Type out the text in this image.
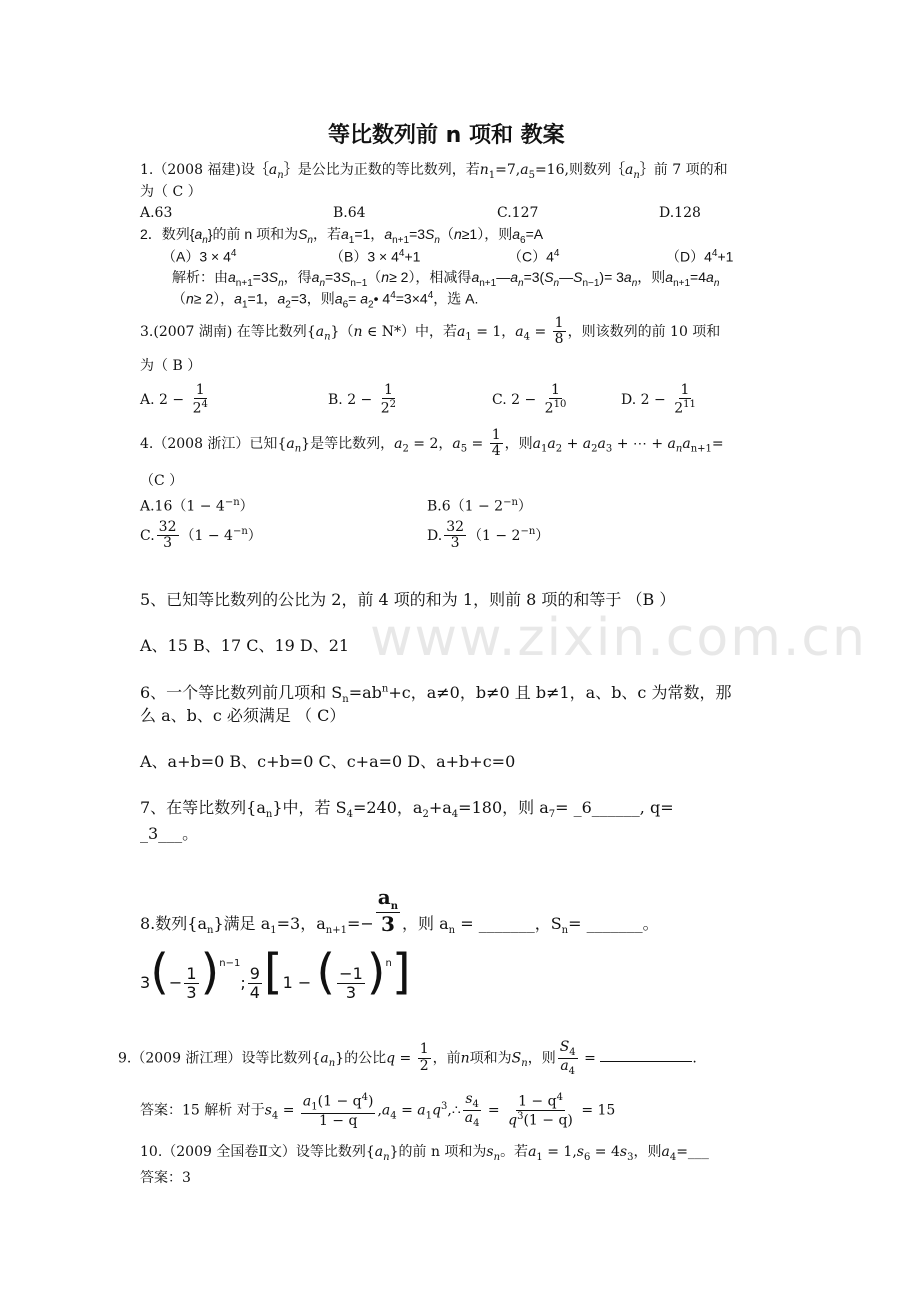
www.zixin.com.cn
等比数列前 n 项和 教案
1.（2008 福建)设$\{a_n\}$是公比为正数的等比数列，若$n_1=7,a_5=16$,则数列$\{a_n\}$前 7 项的和
为（ C ）
A.63	B.64	C.127	D.128
2．数列$\{a_n\}$的前 n 项和为$S_n$，若$a_1=1$，$a_{n+1}=3S_n(n\ge 1)$，则$a_6=A$
$(A)3 \times 4^4$	$(B)3 \times 4^4+1$	$(C)4^4$	$(D)4^4+1$
解析：由$a_{n+1}=3S_n$，得$a_n=3S_{n-1}(n\ge 2)$，相减得$a_{n+1}—a_n=3(S_n—S_{n-1})= 3a_n$，则$a_{n+1}=4a_n$
（n≥ 2），$a_1=1$，$a_2=3$，则$a_6=$ $a_2•$ $4^4=3\times 4^4$，选 A.
3.(2007 湖南) 在等比数列$\{a_n\}(n$ ∈ N*）中，若$a_1 = 1$，$a_4 = \frac{1}{8}$ ，则该数列的前 10 项和
为（ B ）
A. $2 - \frac{1}{2^4}$	B. $2 - \frac{1}{2^2}$	C. $2 - \frac{1}{2^{10}}$	D. $2 - \frac{1}{2^{11}}$
4.（2008 浙江）已知$\{a_n\}$是等比数列，$a_2 = 2$，$a_5 = \frac{1}{4}$ ，则$a_1a_2 + a_2a_3$ + ⋯ + $a_na_{n+1}=$
（C ）
$A.16(1 - 4^{-n})$	$B.6(1 - 2^{-n})$
C. $\frac{32}{3} (1 - 4^{-n})$	D. $\frac{32}{3} (1 - 2^{-n})$
5、已知等比数列的公比为 2，前 4 项的和为 1，则前 8 项的和等于 （B ）
A、15 B、17 C、19 D、21
6、一个等比数列前几项和 $S_n=ab^n+c$，a≠0，b≠0 且 b≠1，a、b、c 为常数，那
么 a、b、c 必须满足 （ C）
A、a+b=0 B、c+b=0 C、c+a=0 D、a+b+c=0
7、在等比数列$\{a_n\}$中，若 $S_4=240$，$a_2+a_4=180$，则 $a_7=$ _6______, q=
_3___。
8.数列$\{a_n\}$满足 $a_1=3$，$a_{n+1}=- \frac{a_n}{3}$ ，则 $a_n$ = _______，$S_n=$ _______。
$3(- \frac{1}{3} )^{n-1}$; $\frac{9}{4} [1$ − ( $\frac{-1}{3} )^n$]
9.（2009 浙江理）设等比数列$\{a_n\}$的公比$q = \frac{1}{2}$ ，前n项和为$S_n$，则 $\frac{S_4}{a_4}$ =	.
答案：15 解析 对于$s_4 = \frac{a_1(1 - q^4)}{1 - q} ,a_4$ = $a_1q^3,\therefore \frac{s_4}{a_4} = \frac{1 - q^4}{q^3(1 - q)} = 15$
10.（2009 全国卷Ⅱ文）设等比数列$\{a_n\}$的前 n 项和为$s_n$。若$a_1 = 1,s_6 = 4s_3$，则$a_4=\_\_\_$
答案：3
